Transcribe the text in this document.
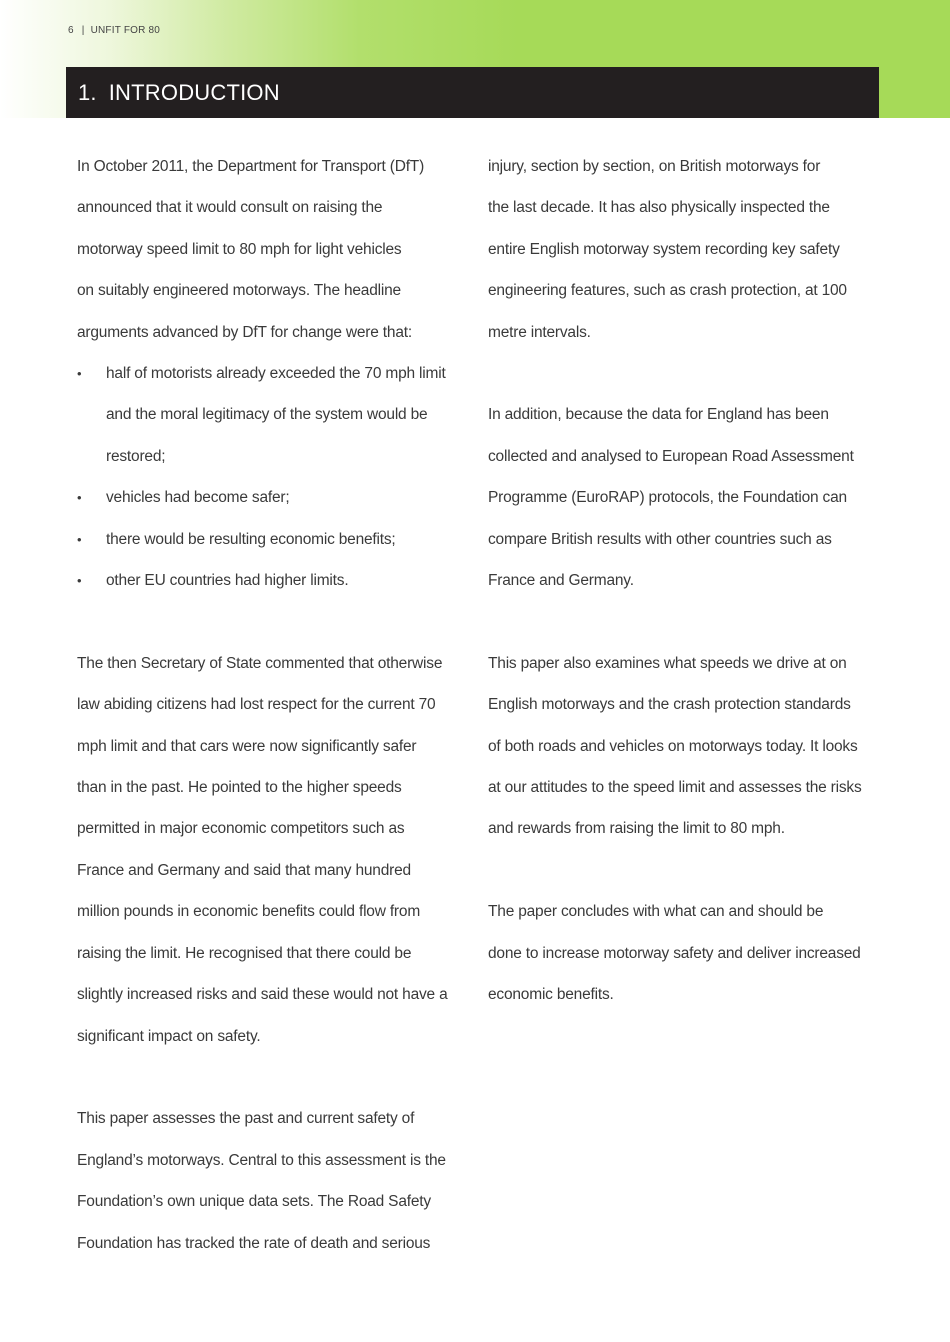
6 | UNFIT FOR 80
1. INTRODUCTION

In October 2011, the Department for Transport (DfT)
announced that it would consult on raising the
motorway speed limit to 80 mph for light vehicles
on suitably engineered motorways. The headline
arguments advanced by DfT for change were that:

• half of motorists already exceeded the 70 mph limit
and the moral legitimacy of the system would be
restored;
• vehicles had become safer;
• there would be resulting economic benefits;
• other EU countries had higher limits.

The then Secretary of State commented that otherwise
law abiding citizens had lost respect for the current 70
mph limit and that cars were now significantly safer
than in the past. He pointed to the higher speeds
permitted in major economic competitors such as
France and Germany and said that many hundred
million pounds in economic benefits could flow from
raising the limit. He recognised that there could be
slightly increased risks and said these would not have a
significant impact on safety.

This paper assesses the past and current safety of
England’s motorways. Central to this assessment is the
Foundation’s own unique data sets. The Road Safety
Foundation has tracked the rate of death and serious

injury, section by section, on British motorways for
the last decade. It has also physically inspected the
entire English motorway system recording key safety
engineering features, such as crash protection, at 100
metre intervals.

In addition, because the data for England has been
collected and analysed to European Road Assessment
Programme (EuroRAP) protocols, the Foundation can
compare British results with other countries such as
France and Germany.

This paper also examines what speeds we drive at on
English motorways and the crash protection standards
of both roads and vehicles on motorways today. It looks
at our attitudes to the speed limit and assesses the risks
and rewards from raising the limit to 80 mph.

The paper concludes with what can and should be
done to increase motorway safety and deliver increased
economic benefits.
